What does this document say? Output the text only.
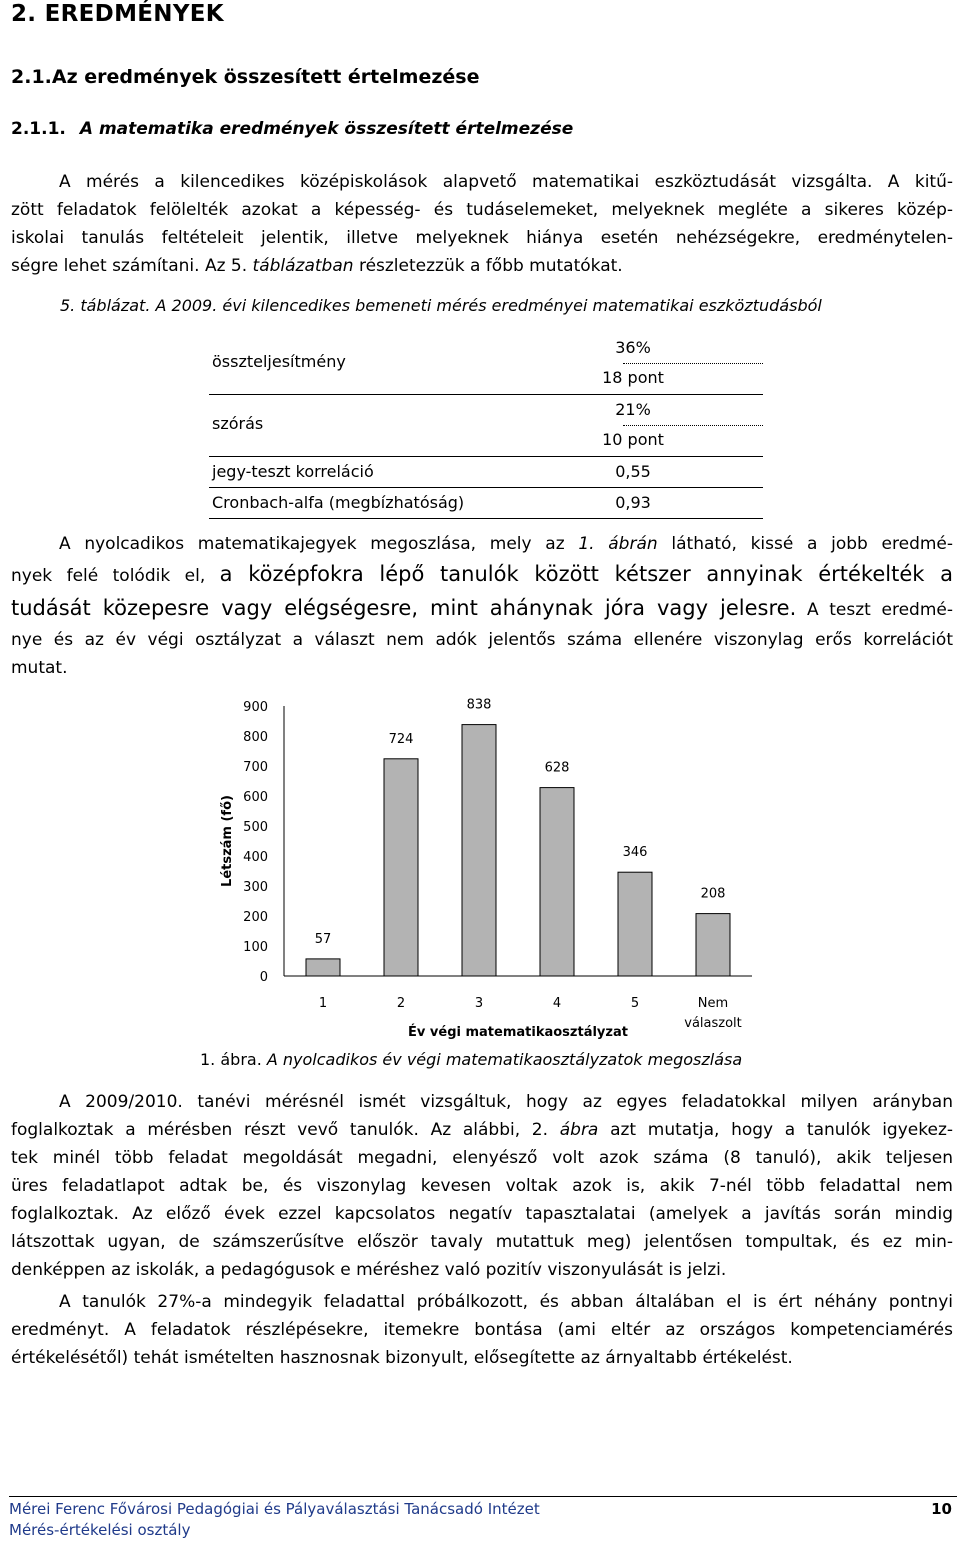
2. EREDMÉNYEK
2.1.Az eredmények összesített értelmezése
2.1.1. A matematika eredmények összesített értelmezése
A mérés a kilencedikes középiskolások alapvető matematikai eszköztudását vizsgálta. A kitű-
zött feladatok felölelték azokat a képesség- és tudáselemeket, melyeknek megléte a sikeres közép-
iskolai tanulás feltételeit jelentik, illetve melyeknek hiánya esetén nehézségekre, eredménytelen-
ségre lehet számítani. Az 5. táblázatban részletezzük a főbb mutatókat.
5. táblázat. A 2009. évi kilencedikes bemeneti mérés eredményei matematikai eszköztudásból
összteljesítmény
36%
18 pont
szórás
21%
10 pont
jegy-teszt korreláció	0,55
Cronbach-alfa (megbízhatóság)	0,93
A nyolcadikos matematikajegyek megoszlása, mely az 1. ábrán látható, kissé a jobb eredmé-
nyek felé tolódik el, a középfokra lépő tanulók között kétszer annyinak értékelték a
tudását közepesre vagy elégségesre, mint ahánynak jóra vagy jelesre. A teszt eredmé-
nye és az év végi osztályzat a választ nem adók jelentős száma ellenére viszonylag erős korrelációt
mutat.
0
100
200
300
400
500
600
700
800
900
Létszám (fő)
57
1
724
2
838
3
628
4
346
5
208
Nem
válaszolt
Év végi matematikaosztályzat
1. ábra. A nyolcadikos év végi matematikaosztályzatok megoszlása
A 2009/2010. tanévi mérésnél ismét vizsgáltuk, hogy az egyes feladatokkal milyen arányban
foglalkoztak a mérésben részt vevő tanulók. Az alábbi, 2. ábra azt mutatja, hogy a tanulók igyekez-
tek minél több feladat megoldását megadni, elenyésző volt azok száma (8 tanuló), akik teljesen
üres feladatlapot adtak be, és viszonylag kevesen voltak azok is, akik 7-nél több feladattal nem
foglalkoztak. Az előző évek ezzel kapcsolatos negatív tapasztalatai (amelyek a javítás során mindig
látszottak ugyan, de számszerűsítve először tavaly mutattuk meg) jelentősen tompultak, és ez min-
denképpen az iskolák, a pedagógusok e méréshez való pozitív viszonyulását is jelzi.
A tanulók 27%-a mindegyik feladattal próbálkozott, és abban általában el is ért néhány pontnyi
eredményt. A feladatok részlépésekre, itemekre bontása (ami eltér az országos kompetenciamérés
értékelésétől) tehát ismételten hasznosnak bizonyult, elősegítette az árnyaltabb értékelést.
Mérei Ferenc Fővárosi Pedagógiai és Pályaválasztási Tanácsadó Intézet
Mérés-értékelési osztály
10
